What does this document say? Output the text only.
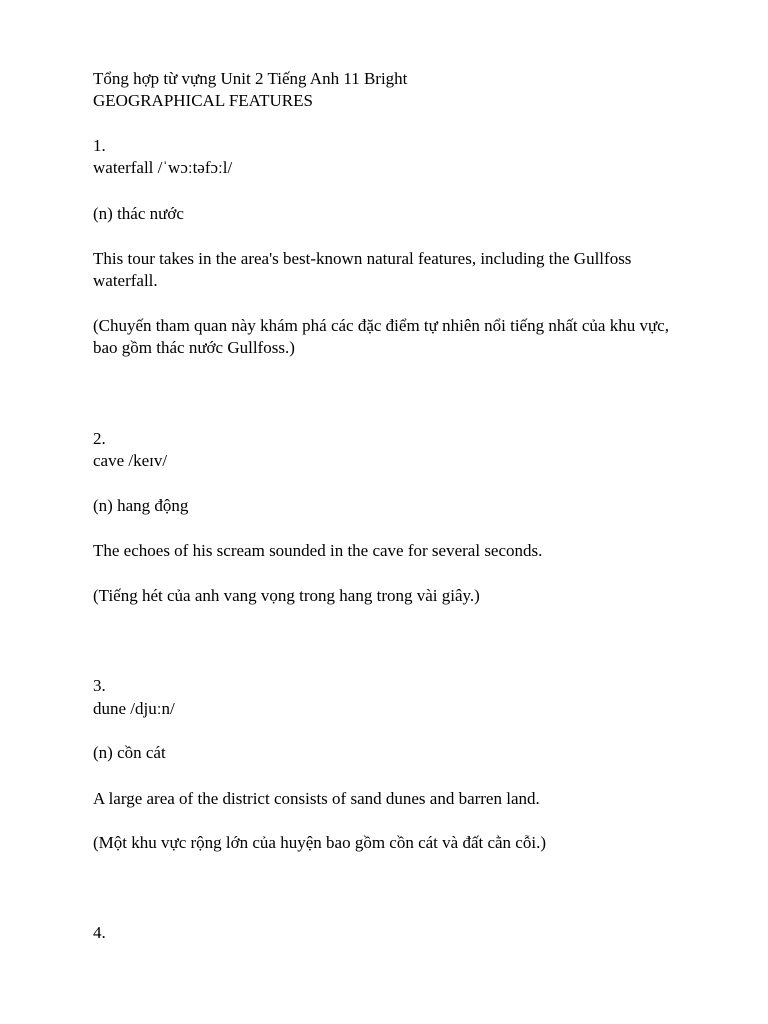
Tổng hợp từ vựng Unit 2 Tiếng Anh 11 Bright
GEOGRAPHICAL FEATURES
1.
waterfall /ˈwɔːtəfɔːl/
(n) thác nước
This tour takes in the area's best-known natural features, including the Gullfoss waterfall.
(Chuyến tham quan này khám phá các đặc điểm tự nhiên nổi tiếng nhất của khu vực, bao gồm thác nước Gullfoss.)
2.
cave /keɪv/
(n) hang động
The echoes of his scream sounded in the cave for several seconds.
(Tiếng hét của anh vang vọng trong hang trong vài giây.)
3.
dune /djuːn/
(n) cồn cát
A large area of the district consists of sand dunes and barren land.
(Một khu vực rộng lớn của huyện bao gồm cồn cát và đất cằn cỗi.)
4.
